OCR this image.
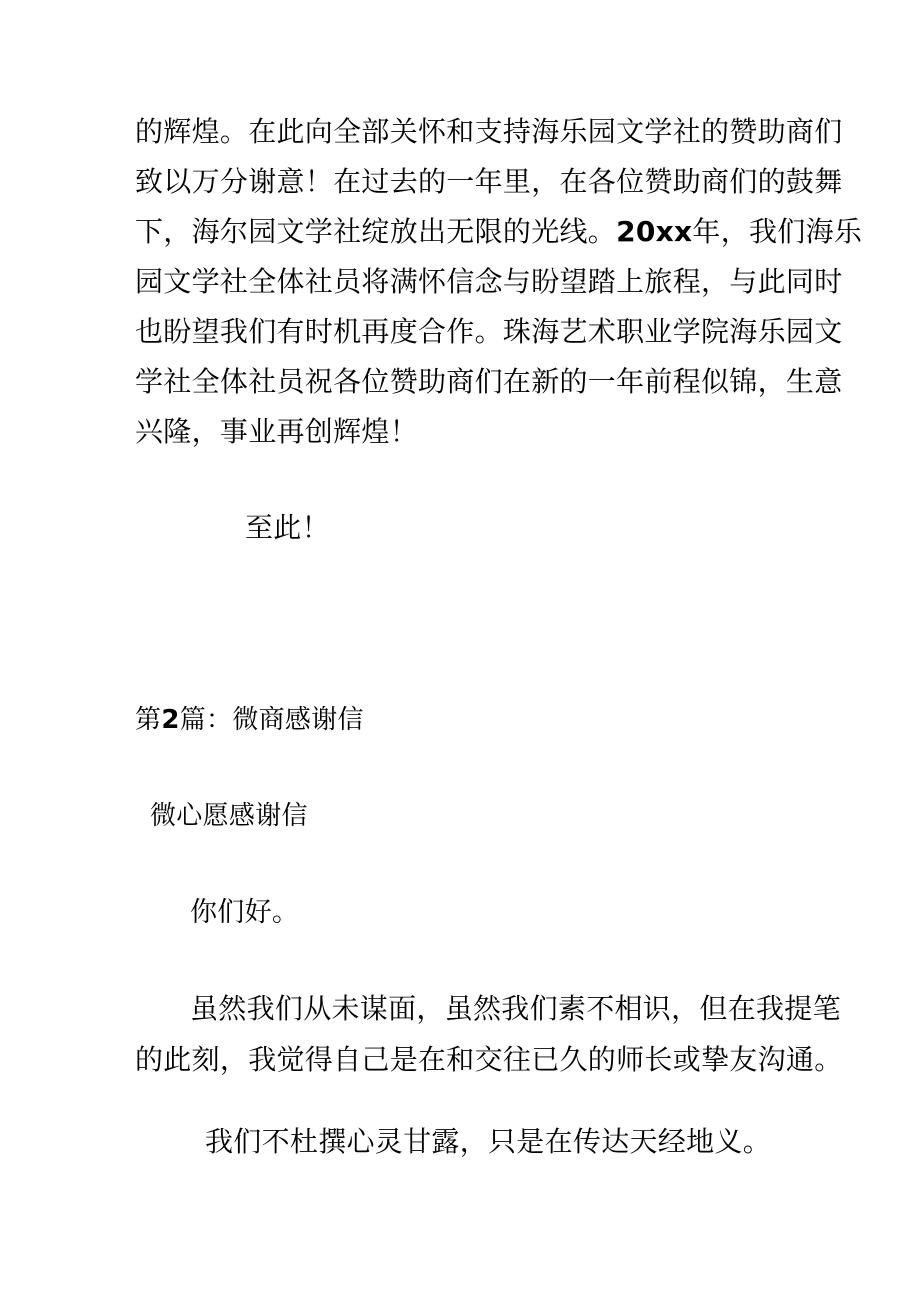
的辉煌。在此向全部关怀和支持海乐园文学社的赞助商们
致以万分谢意！在过去的一年里，在各位赞助商们的鼓舞
下，海尔园文学社绽放出无限的光线。20xx年，我们海乐
园文学社全体社员将满怀信念与盼望踏上旅程，与此同时
也盼望我们有时机再度合作。珠海艺术职业学院海乐园文
学社全体社员祝各位赞助商们在新的一年前程似锦，生意
兴隆，事业再创辉煌！
至此！
第2篇：微商感谢信
微心愿感谢信
你们好。
虽然我们从未谋面，虽然我们素不相识，但在我提笔
的此刻，我觉得自己是在和交往已久的师长或挚友沟通。
我们不杜撰心灵甘露，只是在传达天经地义。
